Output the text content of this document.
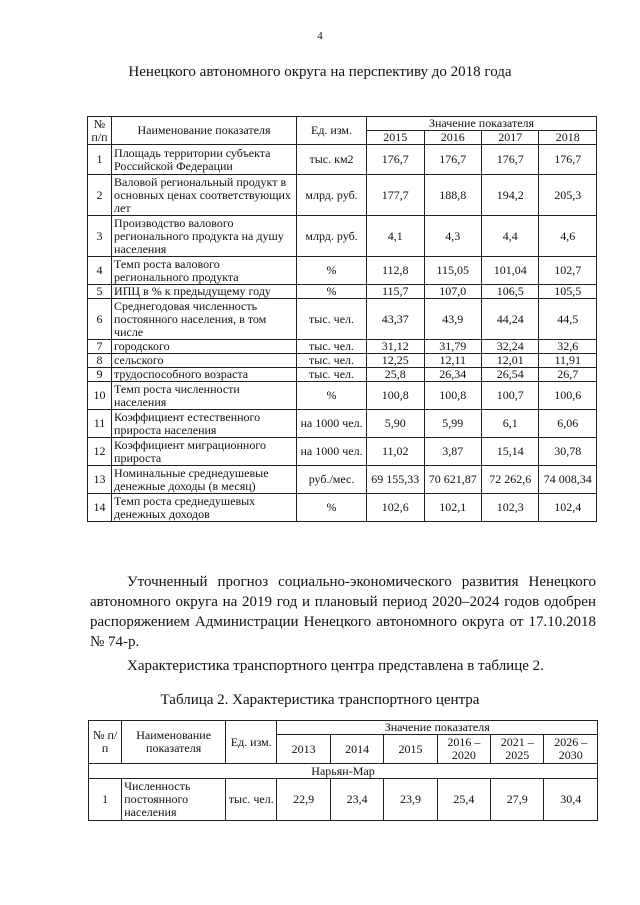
4
Ненецкого автономного округа на перспективу до 2018 года
№ п/п	Наименование показателя	Ед. изм.	Значение показателя			
			2015	2016	2017	2018
1	Площадь территории субъекта Российской Федерации	тыс. км2	176,7	176,7	176,7	176,7
2	Валовой региональный продукт в основных ценах соответствующих лет	млрд. руб.	177,7	188,8	194,2	205,3
3	Производство валового регионального продукта на душу населения	млрд. руб.	4,1	4,3	4,4	4,6
4	Темп роста валового регионального продукта	%	112,8	115,05	101,04	102,7
5	ИПЦ в % к предыдущему году	%	115,7	107,0	106,5	105,5
6	Среднегодовая численность постоянного населения, в том числе	тыс. чел.	43,37	43,9	44,24	44,5
7	городского	тыс. чел.	31,12	31,79	32,24	32,6
8	сельского	тыс. чел.	12,25	12,11	12,01	11,91
9	трудоспособного возраста	тыс. чел.	25,8	26,34	26,54	26,7
10	Темп роста численности населения	%	100,8	100,8	100,7	100,6
11	Коэффициент естественного прироста населения	на 1000 чел.	5,90	5,99	6,1	6,06
12	Коэффициент миграционного прироста	на 1000 чел.	11,02	3,87	15,14	30,78
13	Номинальные среднедушевые денежные доходы (в месяц)	руб./мес.	69 155,33	70 621,87	72 262,6	74 008,34
14	Темп роста среднедушевых денежных доходов	%	102,6	102,1	102,3	102,4
Уточненный прогноз социально-экономического развития Ненецкого автономного округа на 2019 год и плановый период 2020–2024 годов одобрен распоряжением Администрации Ненецкого автономного округа от 17.10.2018 № 74-р.
Характеристика транспортного центра представлена в таблице 2.
Таблица 2. Характеристика транспортного центра
№ п/п	Наименование показателя	Ед. изм.	Значение показателя					
			2013	2014	2015	2016 – 2020	2021 – 2025	2026 – 2030
Нарьян-Мар								
1	Численность постоянного населения	тыс. чел.	22,9	23,4	23,9	25,4	27,9	30,4
